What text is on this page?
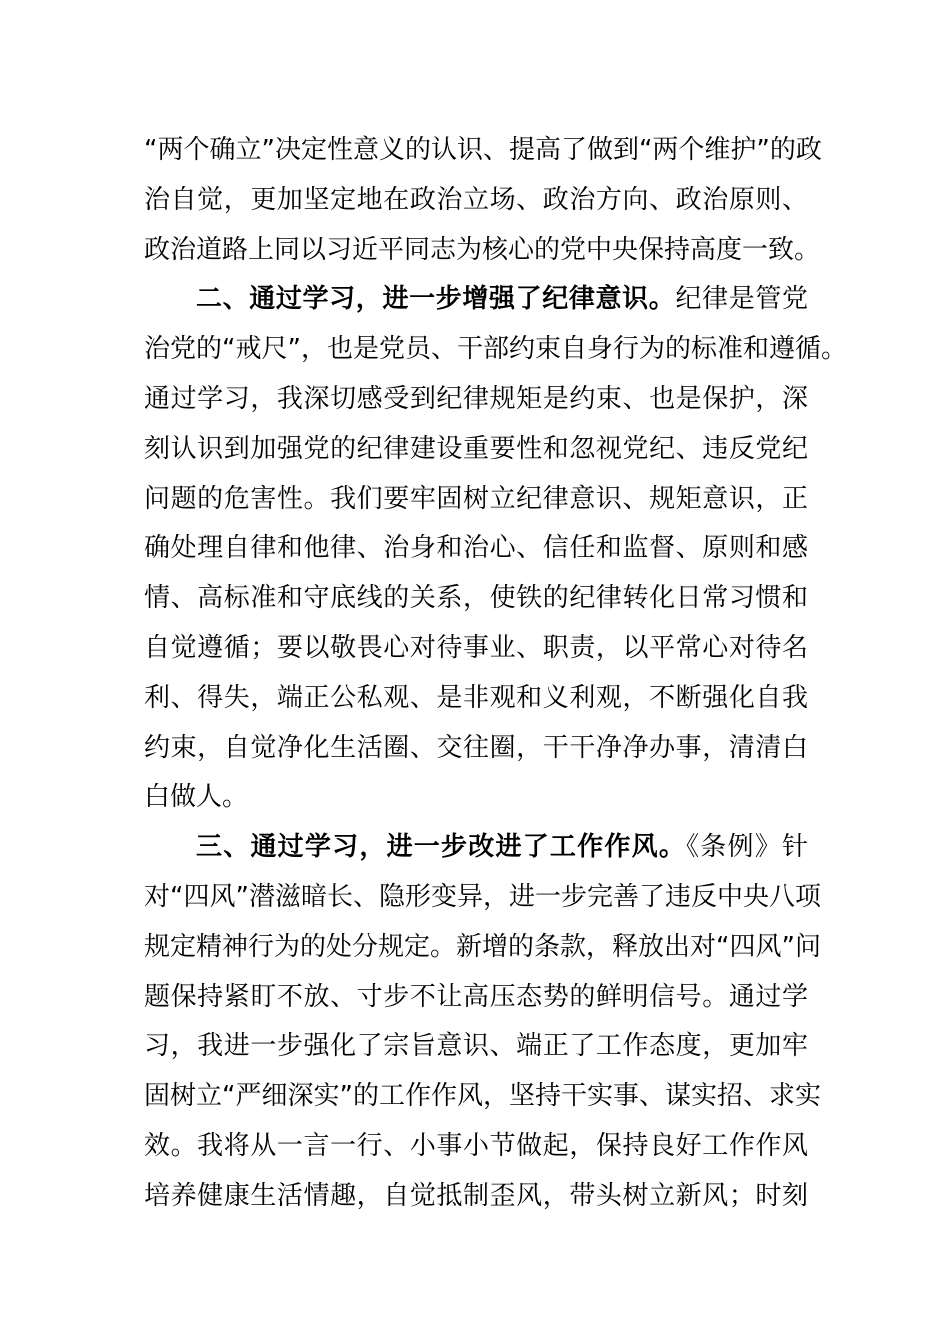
“两个确立”决定性意义的认识、提高了做到“两个维护”的政
治自觉，更加坚定地在政治立场、政治方向、政治原则、
政治道路上同以习近平同志为核心的党中央保持高度一致。
二、通过学习，进一步增强了纪律意识。纪律是管党
治党的“戒尺”，也是党员、干部约束自身行为的标准和遵循。
通过学习，我深切感受到纪律规矩是约束、也是保护，深
刻认识到加强党的纪律建设重要性和忽视党纪、违反党纪
问题的危害性。我们要牢固树立纪律意识、规矩意识，正
确处理自律和他律、治身和治心、信任和监督、原则和感
情、高标准和守底线的关系，使铁的纪律转化日常习惯和
自觉遵循；要以敬畏心对待事业、职责，以平常心对待名
利、得失，端正公私观、是非观和义利观，不断强化自我
约束，自觉净化生活圈、交往圈，干干净净办事，清清白
白做人。
三、通过学习，进一步改进了工作作风。《条例》针
对“四风”潜滋暗长、隐形变异，进一步完善了违反中央八项
规定精神行为的处分规定。新增的条款，释放出对“四风”问
题保持紧盯不放、寸步不让高压态势的鲜明信号。通过学
习，我进一步强化了宗旨意识、端正了工作态度，更加牢
固树立“严细深实”的工作作风，坚持干实事、谋实招、求实
效。我将从一言一行、小事小节做起，保持良好工作作风
培养健康生活情趣，自觉抵制歪风，带头树立新风；时刻
